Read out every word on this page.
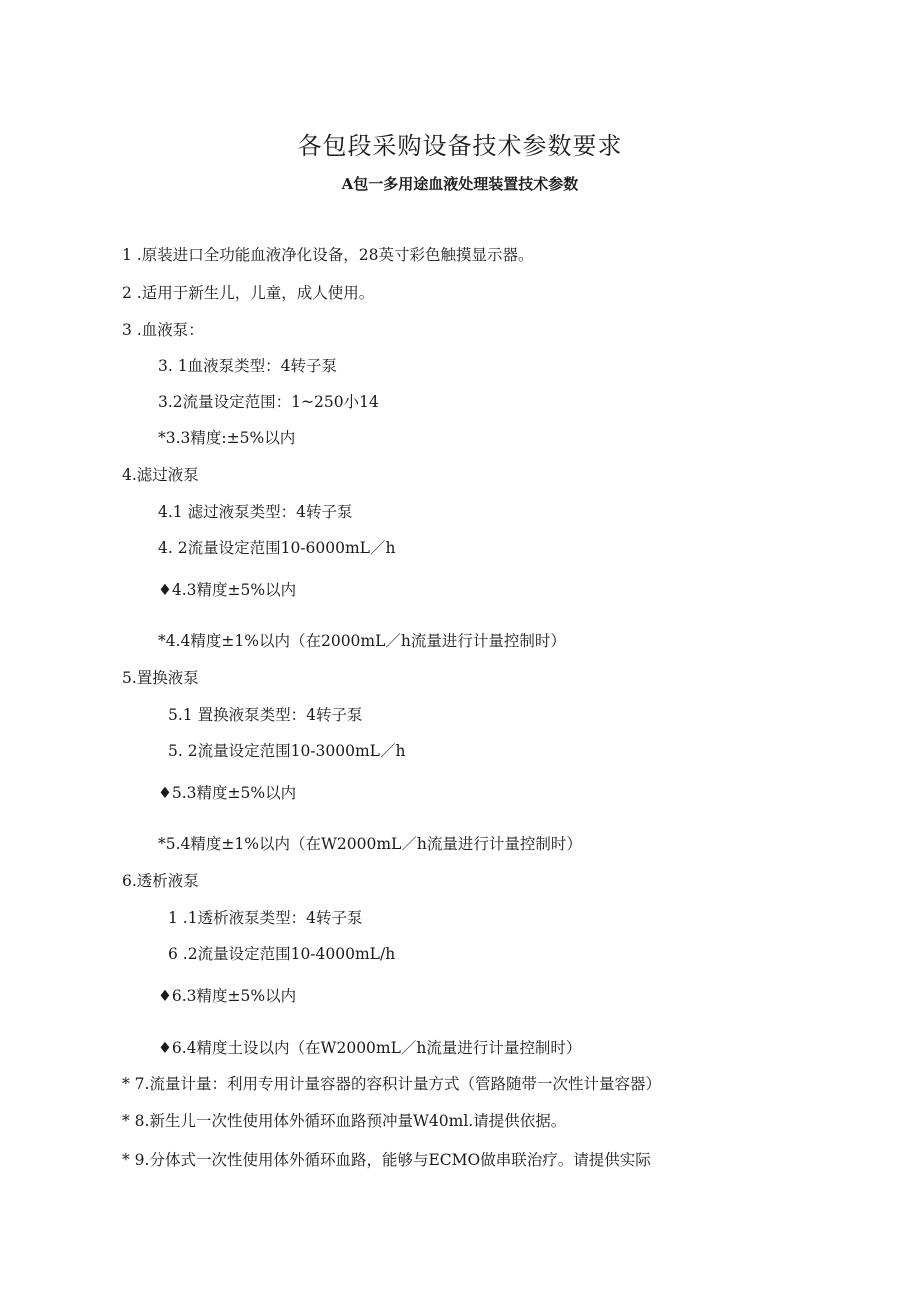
各包段采购设备技术参数要求
A包一多用途血液处理装置技术参数
1 .原装进口全功能血液净化设备，28英寸彩色触摸显示器。
2 .适用于新生儿，儿童，成人使用。
3 .血液泵：
3. 1血液泵类型：4转子泵
3.2流量设定范围：1~250小14
*3.3精度:±5%以内
4.滤过液泵
4.1 滤过液泵类型：4转子泵
4. 2流量设定范围10-6000mL／h
♦4.3精度±5%以内
*4.4精度±1%以内（在2000mL／h流量进行计量控制时）
5.置换液泵
5.1 置换液泵类型：4转子泵
5. 2流量设定范围10-3000mL／h
♦5.3精度±5%以内
*5.4精度±1%以内（在W2000mL／h流量进行计量控制时）
6.透析液泵
1 .1透析液泵类型：4转子泵
6 .2流量设定范围10-4000mL/h
♦6.3精度±5%以内
♦6.4精度土设以内（在W2000mL／h流量进行计量控制时）
* 7.流量计量：利用专用计量容器的容积计量方式（管路随带一次性计量容器）
* 8.新生儿一次性使用体外循环血路预冲量W40ml.请提供依据。
* 9.分体式一次性使用体外循环血路，能够与ECMO做串联治疗。请提供实际
